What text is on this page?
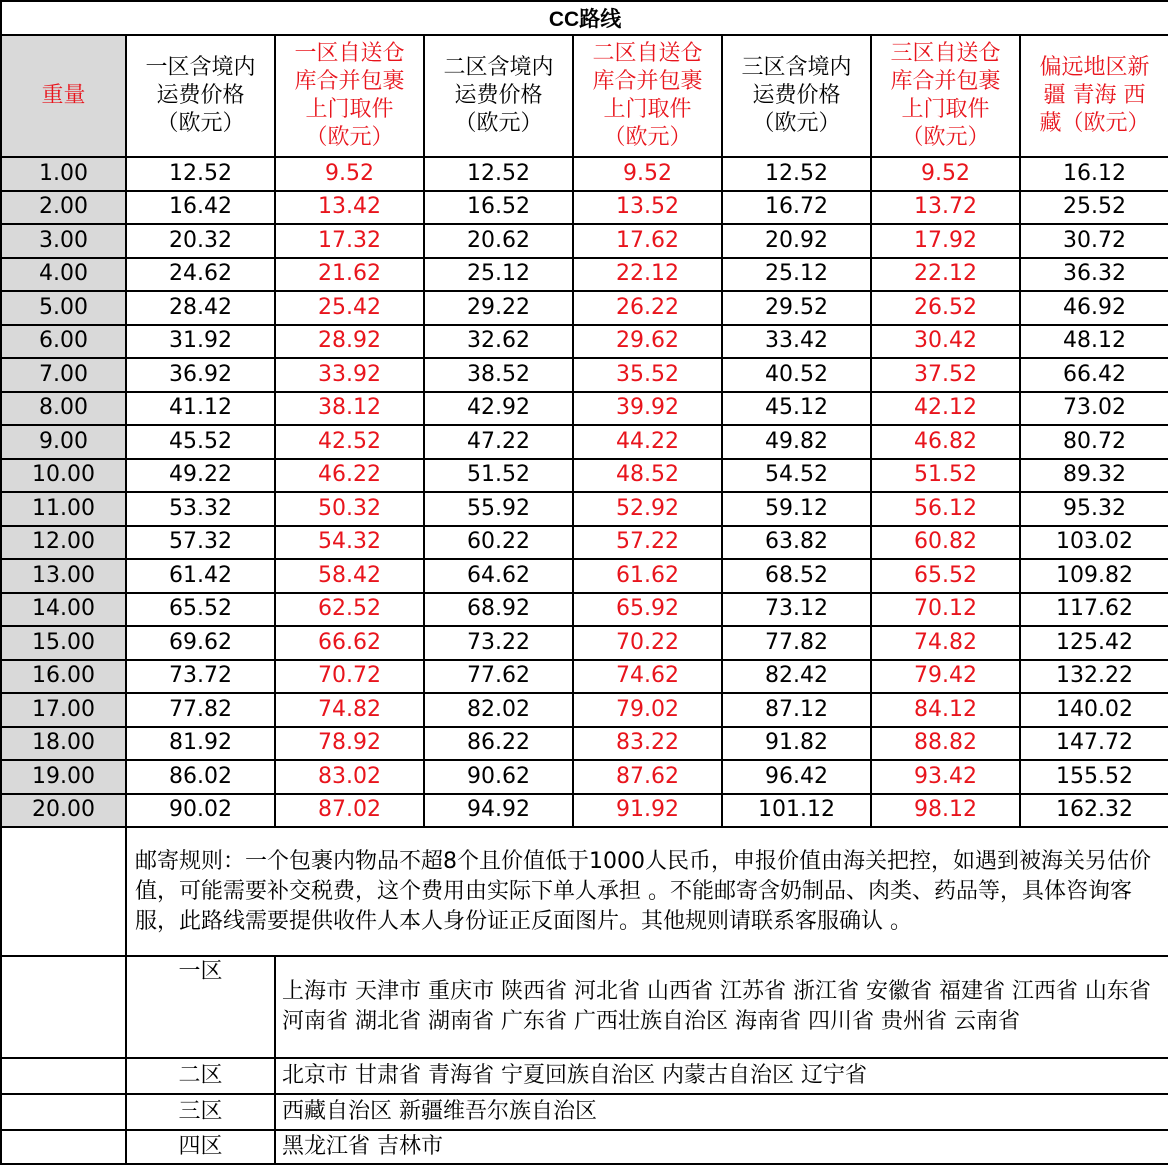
CC路线							

重量	一区含境内
运费价格
（欧元）	一区自送仓
库合并包裹
上门取件
（欧元）	二区含境内
运费价格
（欧元）	二区自送仓
库合并包裹
上门取件
（欧元）	三区含境内
运费价格
（欧元）	三区自送仓
库合并包裹
上门取件
（欧元）	偏远地区新
疆 青海 西
藏（欧元）

1.00	12.52	9.52	12.52	9.52	12.52	9.52	16.12
2.00	16.42	13.42	16.52	13.52	16.72	13.72	25.52
3.00	20.32	17.32	20.62	17.62	20.92	17.92	30.72
4.00	24.62	21.62	25.12	22.12	25.12	22.12	36.32
5.00	28.42	25.42	29.22	26.22	29.52	26.52	46.92
6.00	31.92	28.92	32.62	29.62	33.42	30.42	48.12
7.00	36.92	33.92	38.52	35.52	40.52	37.52	66.42
8.00	41.12	38.12	42.92	39.92	45.12	42.12	73.02
9.00	45.52	42.52	47.22	44.22	49.82	46.82	80.72
10.00	49.22	46.22	51.52	48.52	54.52	51.52	89.32
11.00	53.32	50.32	55.92	52.92	59.12	56.12	95.32
12.00	57.32	54.32	60.22	57.22	63.82	60.82	103.02
13.00	61.42	58.42	64.62	61.62	68.52	65.52	109.82
14.00	65.52	62.52	68.92	65.92	73.12	70.12	117.62
15.00	69.62	66.62	73.22	70.22	77.82	74.82	125.42
16.00	73.72	70.72	77.62	74.62	82.42	79.42	132.22
17.00	77.82	74.82	82.02	79.02	87.12	84.12	140.02
18.00	81.92	78.92	86.22	83.22	91.82	88.82	147.72
19.00	86.02	83.02	90.62	87.62	96.42	93.42	155.52
20.00	90.02	87.02	94.92	91.92	101.12	98.12	162.32
	邮寄规则：一个包裹内物品不超8个且价值低于1000人民币，申报价值由海关把控，如遇到被海关另估价值，可能需要补交税费，这个费用由实际下单人承担 。不能邮寄含奶制品、肉类、药品等，具体咨询客服，此路线需要提供收件人本人身份证正反面图片。其他规则请联系客服确认 。						
	一区	上海市 天津市 重庆市 陕西省 河北省 山西省 江苏省 浙江省 安徽省 福建省 江西省 山东省 河南省 湖北省 湖南省 广东省 广西壮族自治区 海南省 四川省 贵州省 云南省					
	二区	北京市 甘肃省 青海省 宁夏回族自治区 内蒙古自治区 辽宁省					
	三区	西藏自治区 新疆维吾尔族自治区					
	四区	黑龙江省 吉林市					
